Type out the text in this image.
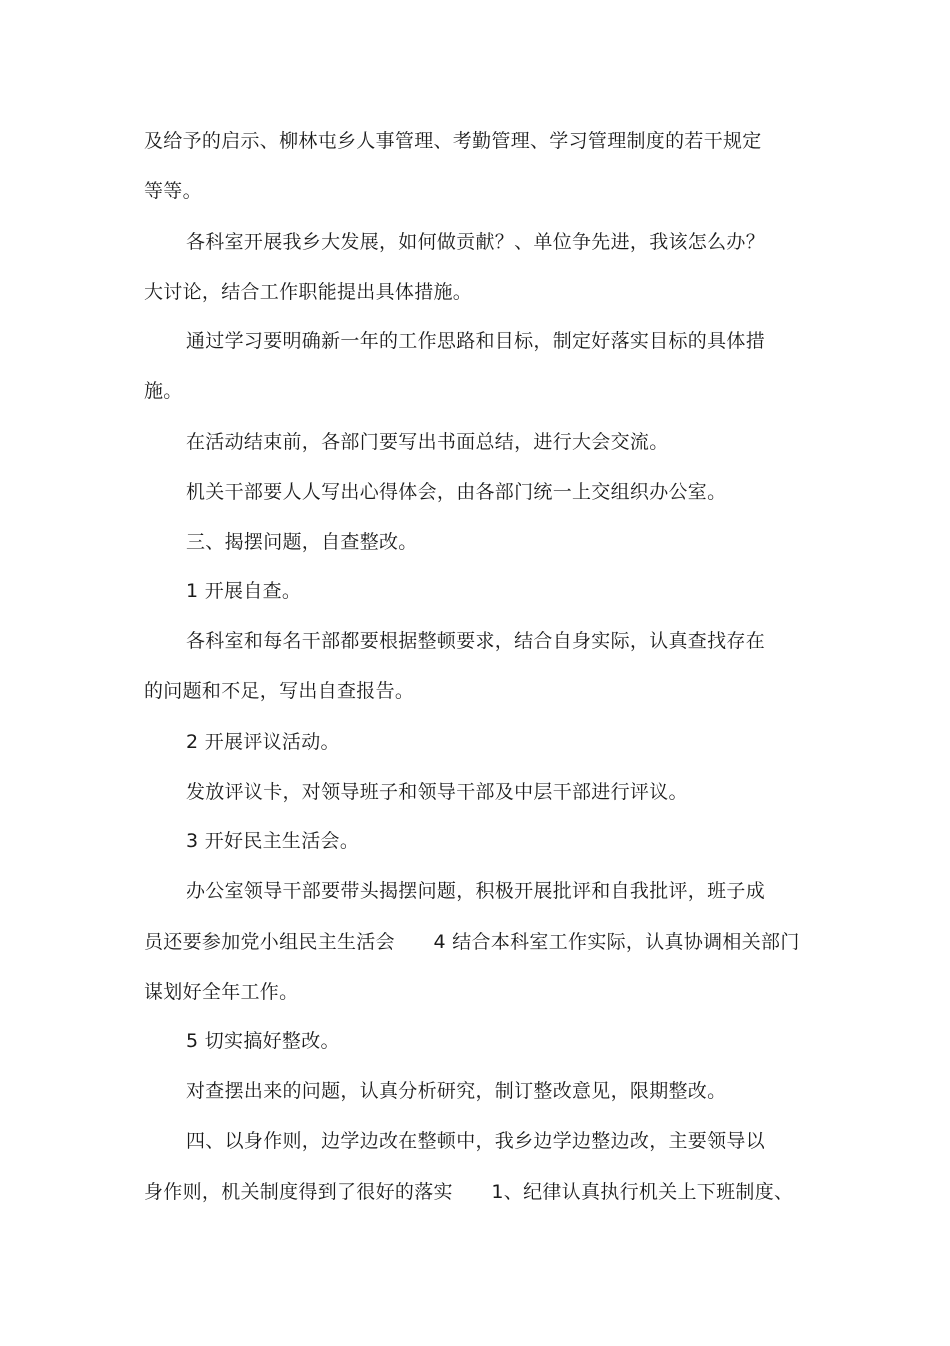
及给予的启示、柳林屯乡人事管理、考勤管理、学习管理制度的若干规定
等等。
各科室开展我乡大发展，如何做贡献？、单位争先进，我该怎么办？
大讨论，结合工作职能提出具体措施。
通过学习要明确新一年的工作思路和目标，制定好落实目标的具体措
施。
在活动结束前，各部门要写出书面总结，进行大会交流。
机关干部要人人写出心得体会，由各部门统一上交组织办公室。
三、揭摆问题，自查整改。
1 开展自查。
各科室和每名干部都要根据整顿要求，结合自身实际，认真查找存在
的问题和不足，写出自查报告。
2 开展评议活动。
发放评议卡，对领导班子和领导干部及中层干部进行评议。
3 开好民主生活会。
办公室领导干部要带头揭摆问题，积极开展批评和自我批评，班子成
员还要参加党小组民主生活会　　4 结合本科室工作实际，认真协调相关部门
谋划好全年工作。
5 切实搞好整改。
对查摆出来的问题，认真分析研究，制订整改意见，限期整改。
四、以身作则，边学边改在整顿中，我乡边学边整边改，主要领导以
身作则，机关制度得到了很好的落实　　1、纪律认真执行机关上下班制度、
